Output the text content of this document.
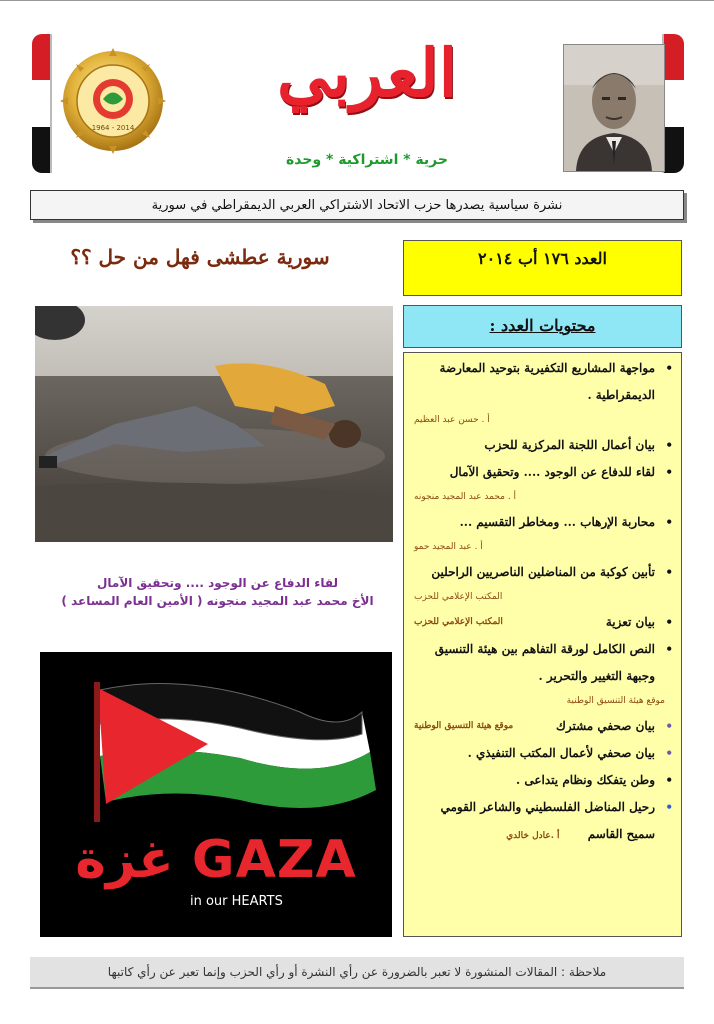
1964 - 2014
العربي
حرية * اشتراكية * وحدة
نشرة سياسية يصدرها حزب الاتحاد الاشتراكي العربي الديمقراطي في سورية
سورية عطشى فهل من حل ؟؟
لقاء الدفاع عن الوجود .... وتحقيق الآمال
الأخ محمد عبد المجيد منجونه ( الأمين العام المساعد )
غزة GAZA
in our HEARTS
العدد ١٧٦ أب ٢٠١٤
محتويات العدد :
•
مواجهة المشاريع التكفيرية بتوحيد المعارضة الديمقراطية .
أ . حسن عبد العظيم
•
بيان أعمال اللجنة المركزية للحزب
•
لقاء للدفاع عن الوجود .... وتحقيق الآمال
أ . محمد عبد المجيد منجونه
•
محاربة الإرهاب ... ومخاطر التقسيم ...
أ . عبد المجيد حمو
•
تأبين كوكبة من المناضلين الناصريين الراحلين
المكتب الإعلامي للحزب
•
بيان تعزية
المكتب الإعلامي للحزب
•
النص الكامل لورقة التفاهم بين هيئة التنسيق وجبهة التغيير والتحرير .
موقع هيئة التنسيق الوطنية
•
بيان صحفي مشترك
موقع هيئة التنسيق الوطنية
•
بيان صحفي لأعمال المكتب التنفيذي .
•
وطن يتفكك ونظام يتداعى .
•
رحيل المناضل الفلسطيني والشاعر القومي سميح القاسم أ .عادل خالدي
ملاحظة : المقالات المنشورة لا تعبر بالضرورة عن رأي النشرة أو رأي الحزب وإنما تعبر عن رأي كاتبها
